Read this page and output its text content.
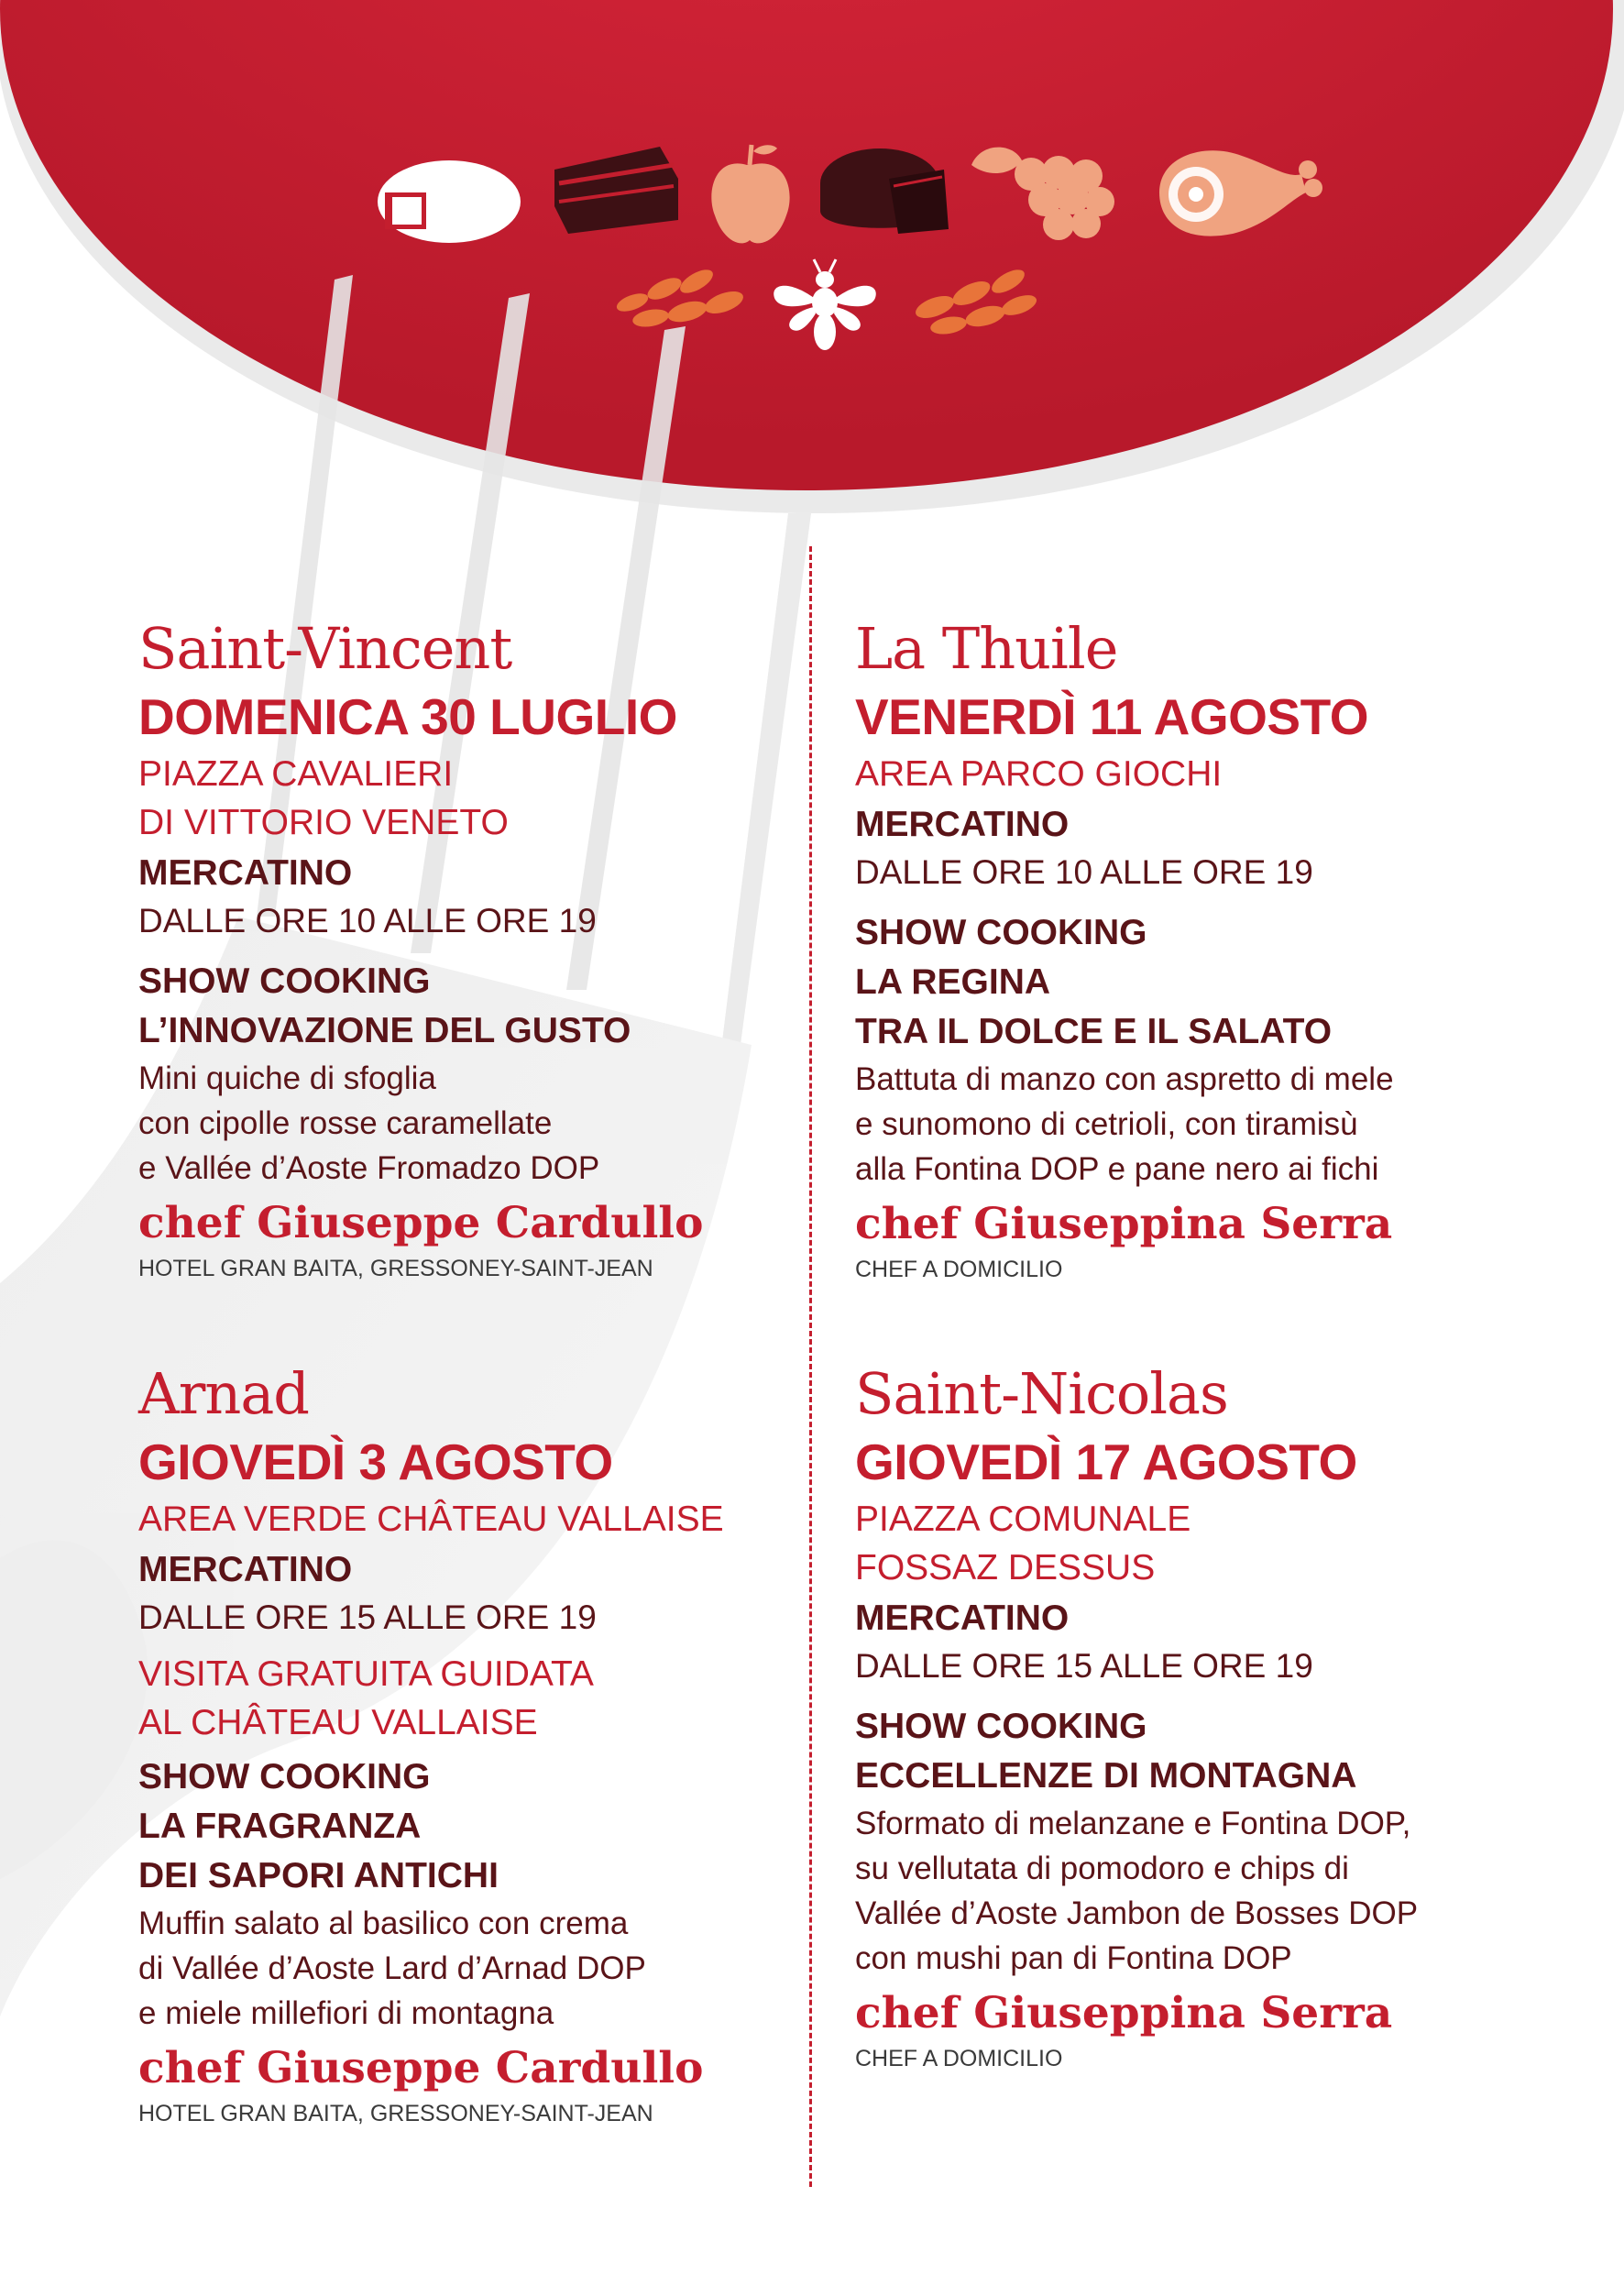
Saint-Vincent
DOMENICA 30 LUGLIO
PIAZZA CAVALIERI
DI VITTORIO VENETO
MERCATINO
DALLE ORE 10 ALLE ORE 19
SHOW COOKING
L’INNOVAZIONE DEL GUSTO
Mini quiche di sfoglia
con cipolle rosse caramellate
e Vallée d’Aoste Fromadzo DOP
chef Giuseppe Cardullo
HOTEL GRAN BAITA, GRESSONEY-SAINT-JEAN
La Thuile
VENERDÌ 11 AGOSTO
AREA PARCO GIOCHI
MERCATINO
DALLE ORE 10 ALLE ORE 19
SHOW COOKING
LA REGINA
TRA IL DOLCE E IL SALATO
Battuta di manzo con aspretto di mele
e sunomono di cetrioli, con tiramisù
alla Fontina DOP e pane nero ai fichi
chef Giuseppina Serra
CHEF A DOMICILIO
Arnad
GIOVEDÌ 3 AGOSTO
AREA VERDE CHÂTEAU VALLAISE
MERCATINO
DALLE ORE 15 ALLE ORE 19
VISITA GRATUITA GUIDATA
AL CHÂTEAU VALLAISE
SHOW COOKING
LA FRAGRANZA
DEI SAPORI ANTICHI
Muffin salato al basilico con crema
di Vallée d’Aoste Lard d’Arnad DOP
e miele millefiori di montagna
chef Giuseppe Cardullo
HOTEL GRAN BAITA, GRESSONEY-SAINT-JEAN
Saint-Nicolas
GIOVEDÌ 17 AGOSTO
PIAZZA COMUNALE
FOSSAZ DESSUS
MERCATINO
DALLE ORE 15 ALLE ORE 19
SHOW COOKING
ECCELLENZE DI MONTAGNA
Sformato di melanzane e Fontina DOP,
su vellutata di pomodoro e chips di
Vallée d’Aoste Jambon de Bosses DOP
con mushi pan di Fontina DOP
chef Giuseppina Serra
CHEF A DOMICILIO
